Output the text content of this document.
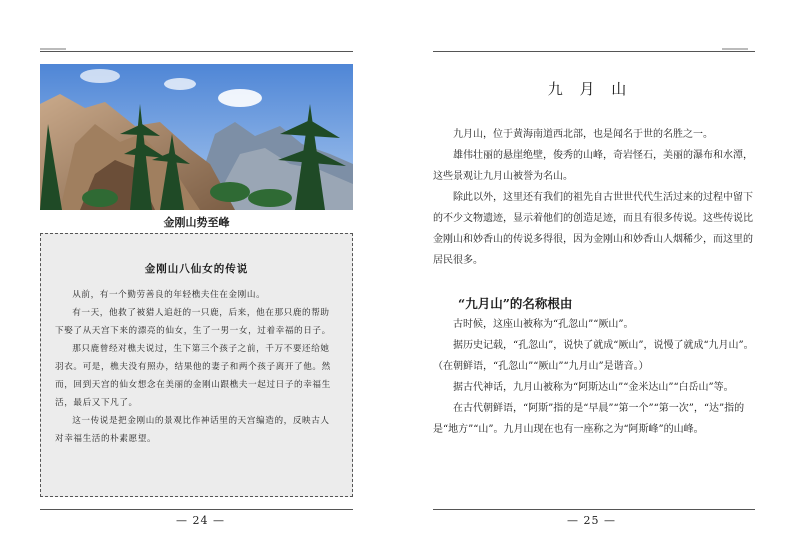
金刚山势至峰
金刚山八仙女的传说

从前，有一个勤劳善良的年轻樵夫住在金刚山。

有一天，他救了被猎人追赶的一只鹿，后来，他在那只鹿的帮助下娶了从天宫下来的漂亮的仙女，生了一男一女，过着幸福的日子。

那只鹿曾经对樵夫说过，生下第三个孩子之前，千万不要还给她羽衣。可是，樵夫没有照办，结果他的妻子和两个孩子离开了他。然而，回到天宫的仙女想念在美丽的金刚山跟樵夫一起过日子的幸福生活，最后又下凡了。

这一传说是把金刚山的景观比作神话里的天宫编造的，反映古人对幸福生活的朴素愿望。

— 24 —
九 月 山

九月山，位于黄海南道西北部，也是闻名于世的名胜之一。

雄伟壮丽的悬崖绝壁，俊秀的山峰，奇岩怪石，美丽的瀑布和水潭，这些景观让九月山被誉为名山。

除此以外，这里还有我们的祖先自古世世代代生活过来的过程中留下的不少文物遗迹，显示着他们的创造足迹，而且有很多传说。这些传说比金刚山和妙香山的传说多得很，因为金刚山和妙香山人烟稀少，而这里的居民很多。

“九月山”的名称根由

古时候，这座山被称为“孔忽山”“厥山”。

据历史记载，“孔忽山”，说快了就成“厥山”，说慢了就成“九月山”。（在朝鲜语，“孔忽山”“厥山”“九月山”是谐音。）

据古代神话，九月山被称为“阿斯达山”“金米达山”“白岳山”等。

在古代朝鲜语，“阿斯”指的是“早晨”“第一个”“第一次”，“达”指的是“地方”“山”。九月山现在也有一座称之为“阿斯峰”的山峰。

— 25 —
